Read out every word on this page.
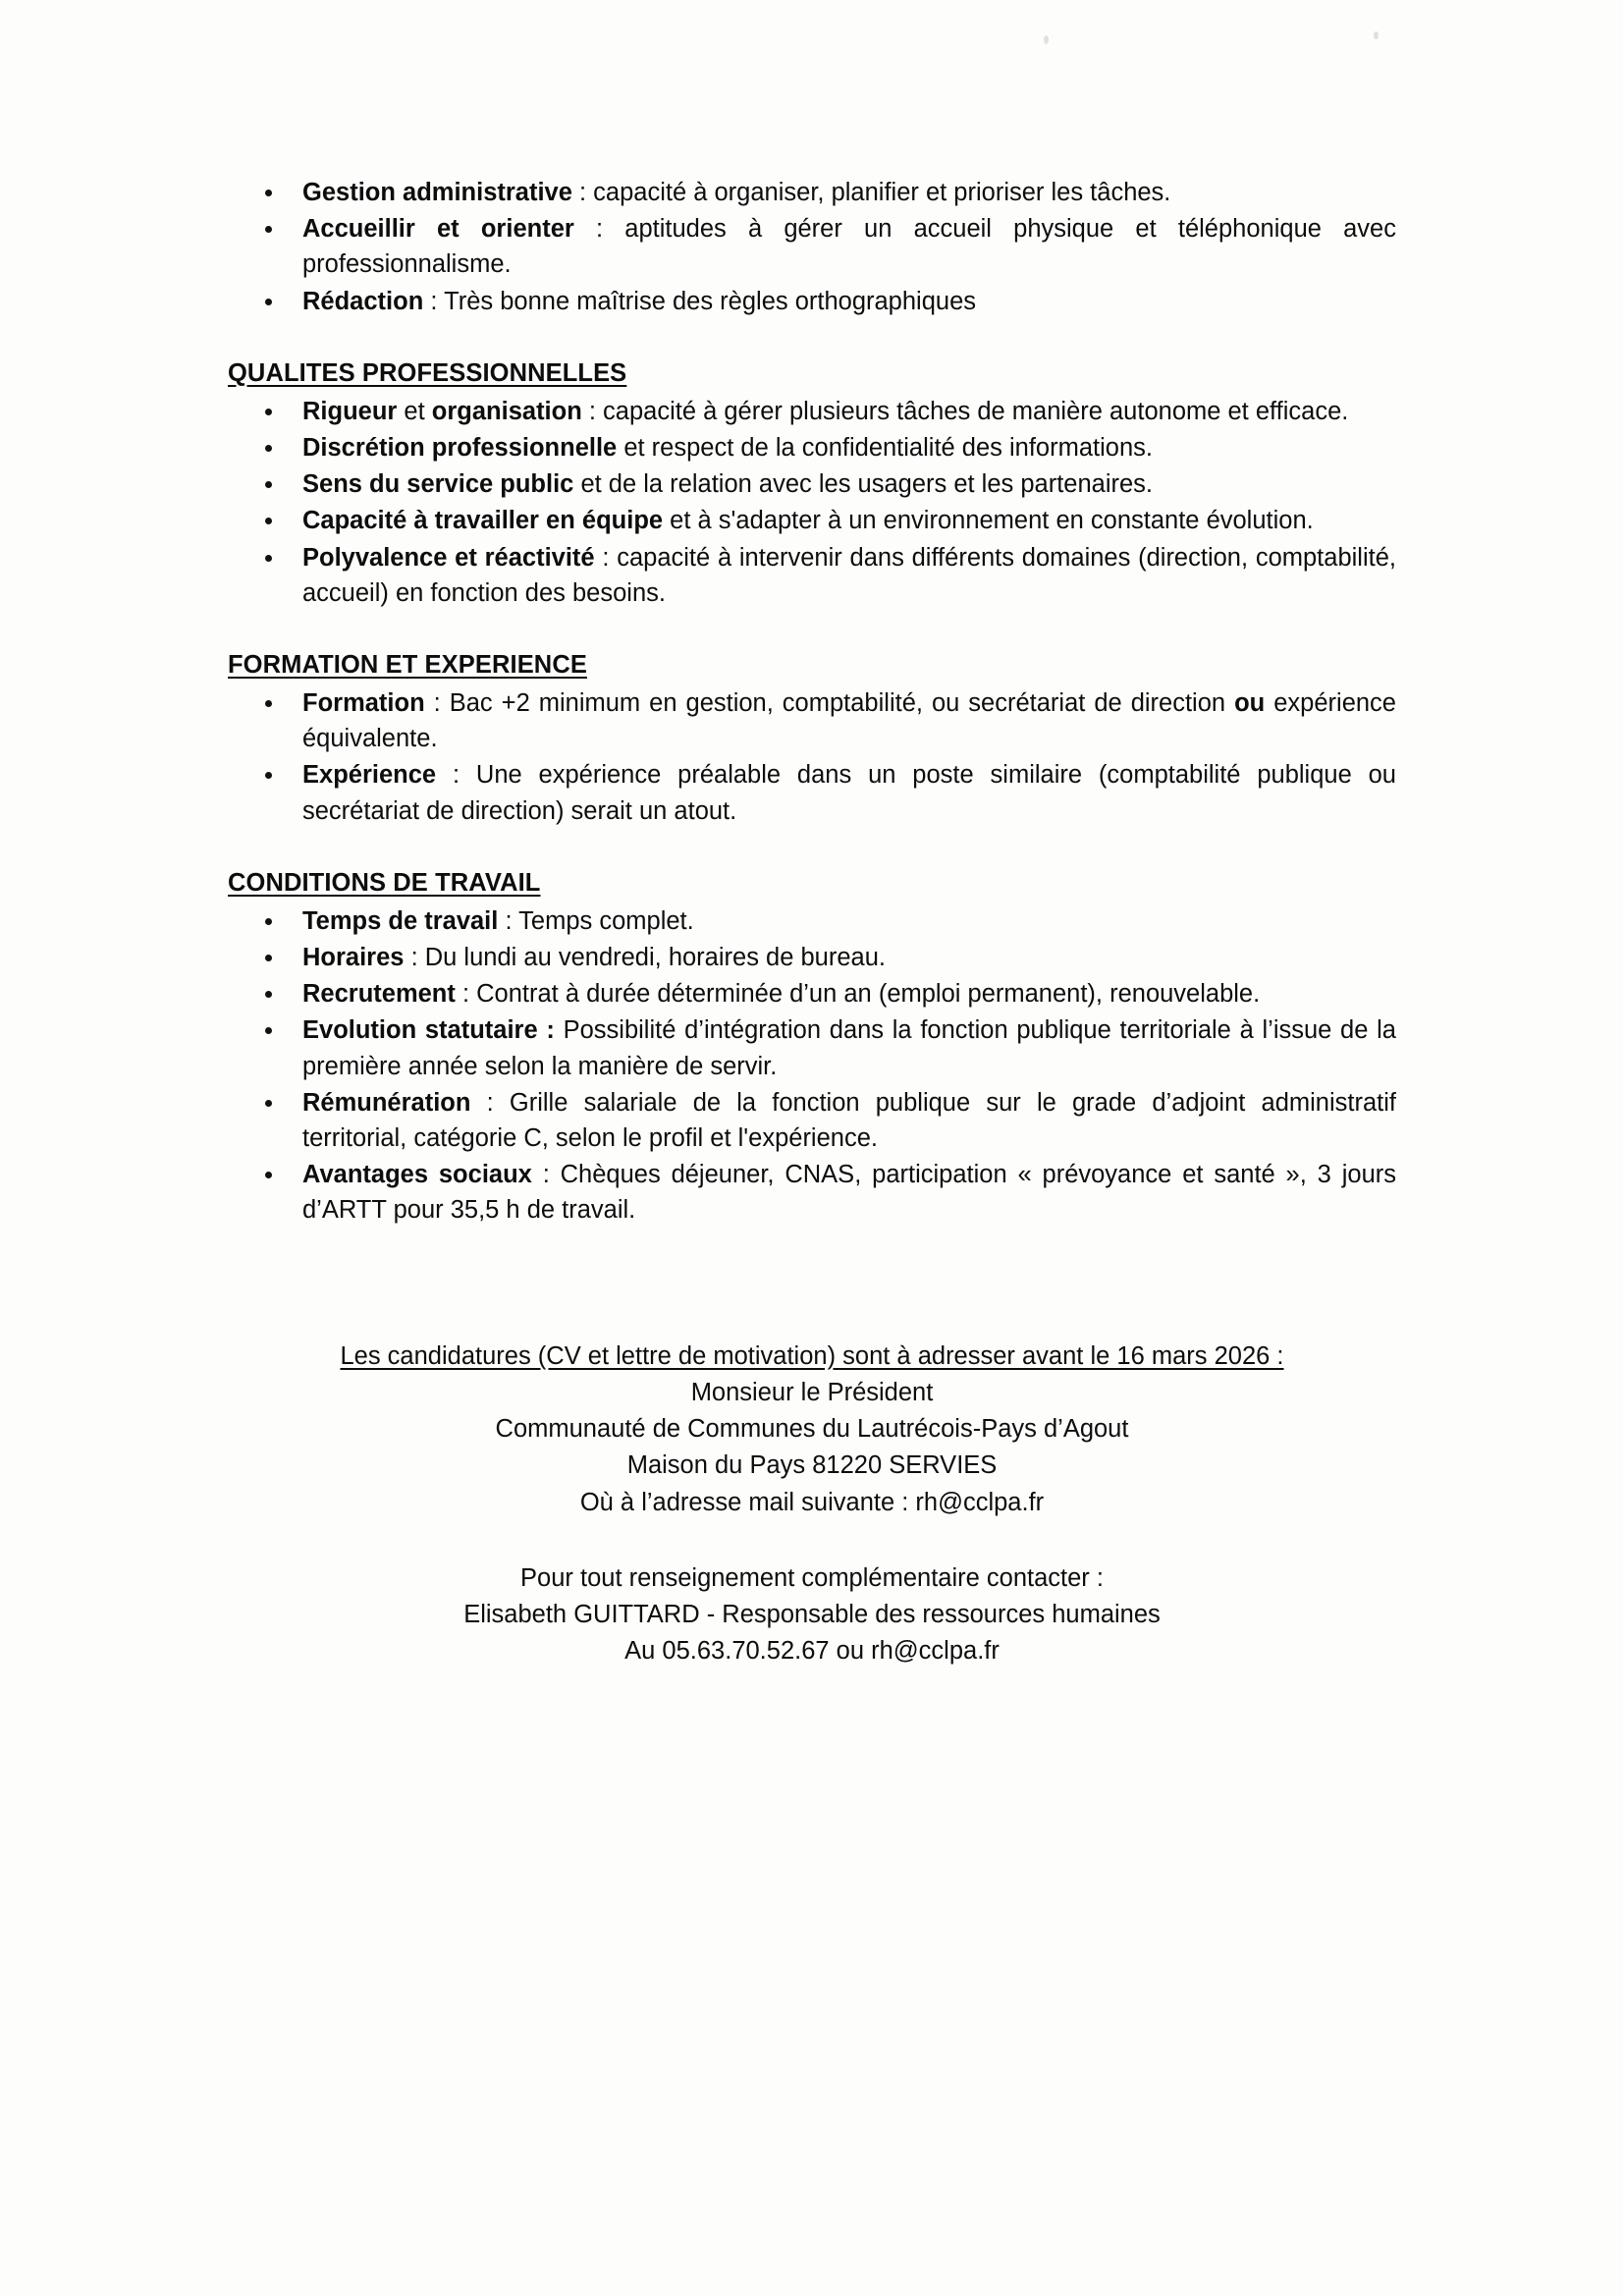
Gestion administrative : capacité à organiser, planifier et prioriser les tâches.
Accueillir et orienter : aptitudes à gérer un accueil physique et téléphonique avec professionnalisme.
Rédaction : Très bonne maîtrise des règles orthographiques
QUALITES PROFESSIONNELLES
Rigueur et organisation : capacité à gérer plusieurs tâches de manière autonome et efficace.
Discrétion professionnelle et respect de la confidentialité des informations.
Sens du service public et de la relation avec les usagers et les partenaires.
Capacité à travailler en équipe et à s'adapter à un environnement en constante évolution.
Polyvalence et réactivité : capacité à intervenir dans différents domaines (direction, comptabilité, accueil) en fonction des besoins.
FORMATION ET EXPERIENCE
Formation : Bac +2 minimum en gestion, comptabilité, ou secrétariat de direction ou expérience équivalente.
Expérience : Une expérience préalable dans un poste similaire (comptabilité publique ou secrétariat de direction) serait un atout.
CONDITIONS DE TRAVAIL
Temps de travail : Temps complet.
Horaires : Du lundi au vendredi, horaires de bureau.
Recrutement : Contrat à durée déterminée d’un an (emploi permanent), renouvelable.
Evolution statutaire : Possibilité d’intégration dans la fonction publique territoriale à l’issue de la première année selon la manière de servir.
Rémunération : Grille salariale de la fonction publique sur le grade d’adjoint administratif territorial, catégorie C, selon le profil et l'expérience.
Avantages sociaux : Chèques déjeuner, CNAS, participation « prévoyance et santé », 3 jours d’ARTT pour 35,5 h de travail.
Les candidatures (CV et lettre de motivation) sont à adresser avant le 16 mars 2026 :
Monsieur le Président
Communauté de Communes du Lautrécois-Pays d’Agout
Maison du Pays 81220 SERVIES
Où à l’adresse mail suivante : rh@cclpa.fr
Pour tout renseignement complémentaire contacter :
Elisabeth GUITTARD - Responsable des ressources humaines
Au 05.63.70.52.67 ou rh@cclpa.fr
